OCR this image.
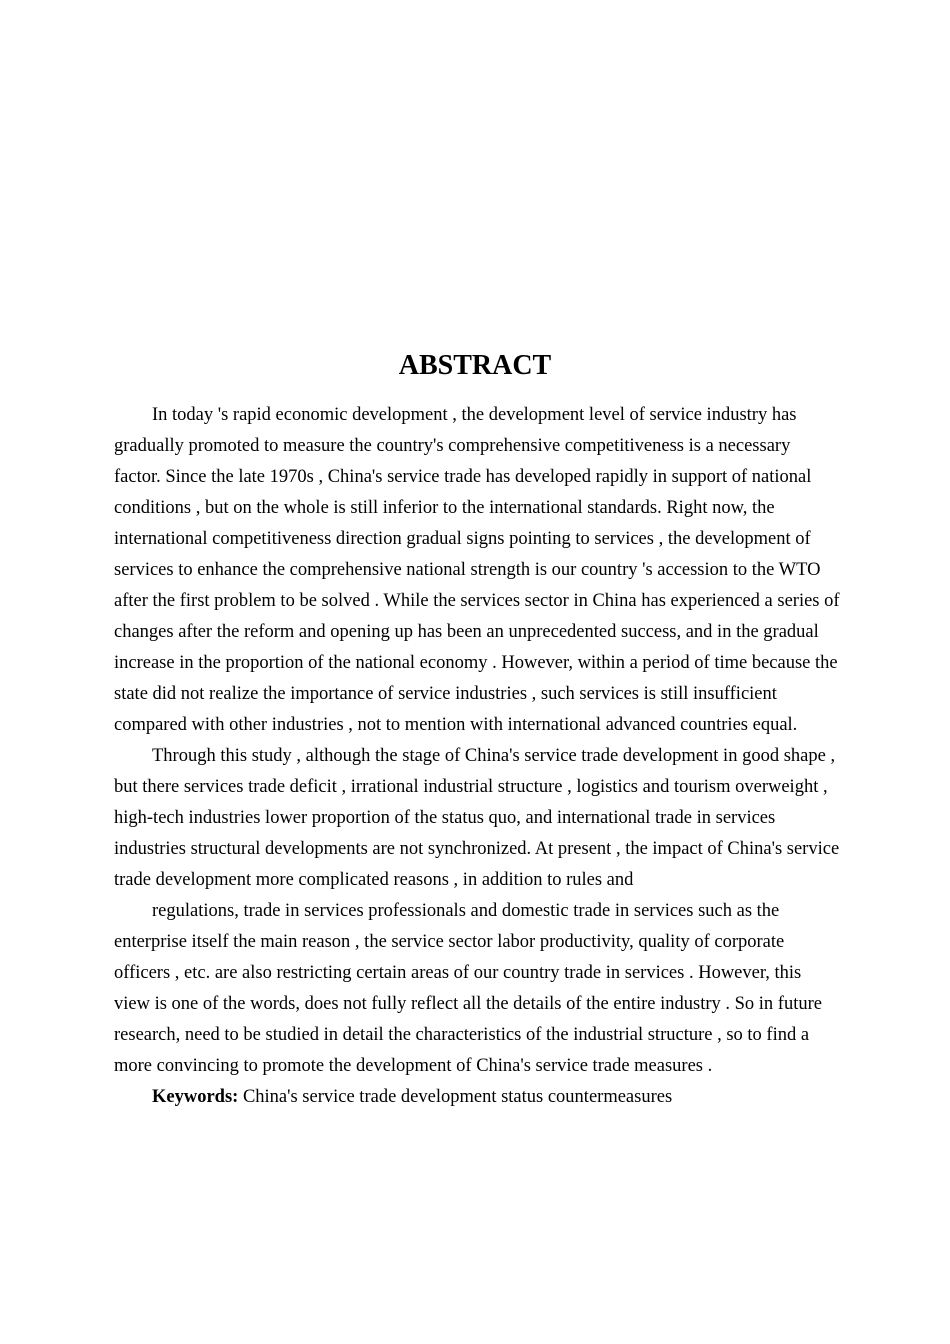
ABSTRACT

In today 's rapid economic development , the development level of service industry has gradually promoted to measure the country's comprehensive competitiveness is a necessary factor. Since the late 1970s , China's service trade has developed rapidly in support of national conditions , but on the whole is still inferior to the international standards. Right now, the international competitiveness direction gradual signs pointing to services , the development of services to enhance the comprehensive national strength is our country 's accession to the WTO after the first problem to be solved . While the services sector in China has experienced a series of changes after the reform and opening up has been an unprecedented success, and in the gradual increase in the proportion of the national economy . However, within a period of time because the state did not realize the importance of service industries , such services is still insufficient compared with other industries , not to mention with international advanced countries equal.

Through this study , although the stage of China's service trade development in good shape , but there services trade deficit , irrational industrial structure , logistics and tourism overweight , high-tech industries lower proportion of the status quo, and international trade in services industries structural developments are not synchronized. At present , the impact of China's service trade development more complicated reasons , in addition to rules and

regulations, trade in services professionals and domestic trade in services such as the enterprise itself the main reason , the service sector labor productivity, quality of corporate officers , etc. are also restricting certain areas of our country trade in services . However, this view is one of the words, does not fully reflect all the details of the entire industry . So in future research, need to be studied in detail the characteristics of the industrial structure , so to find a more convincing to promote the development of China's service trade measures .

Keywords: China's service trade development status countermeasures
